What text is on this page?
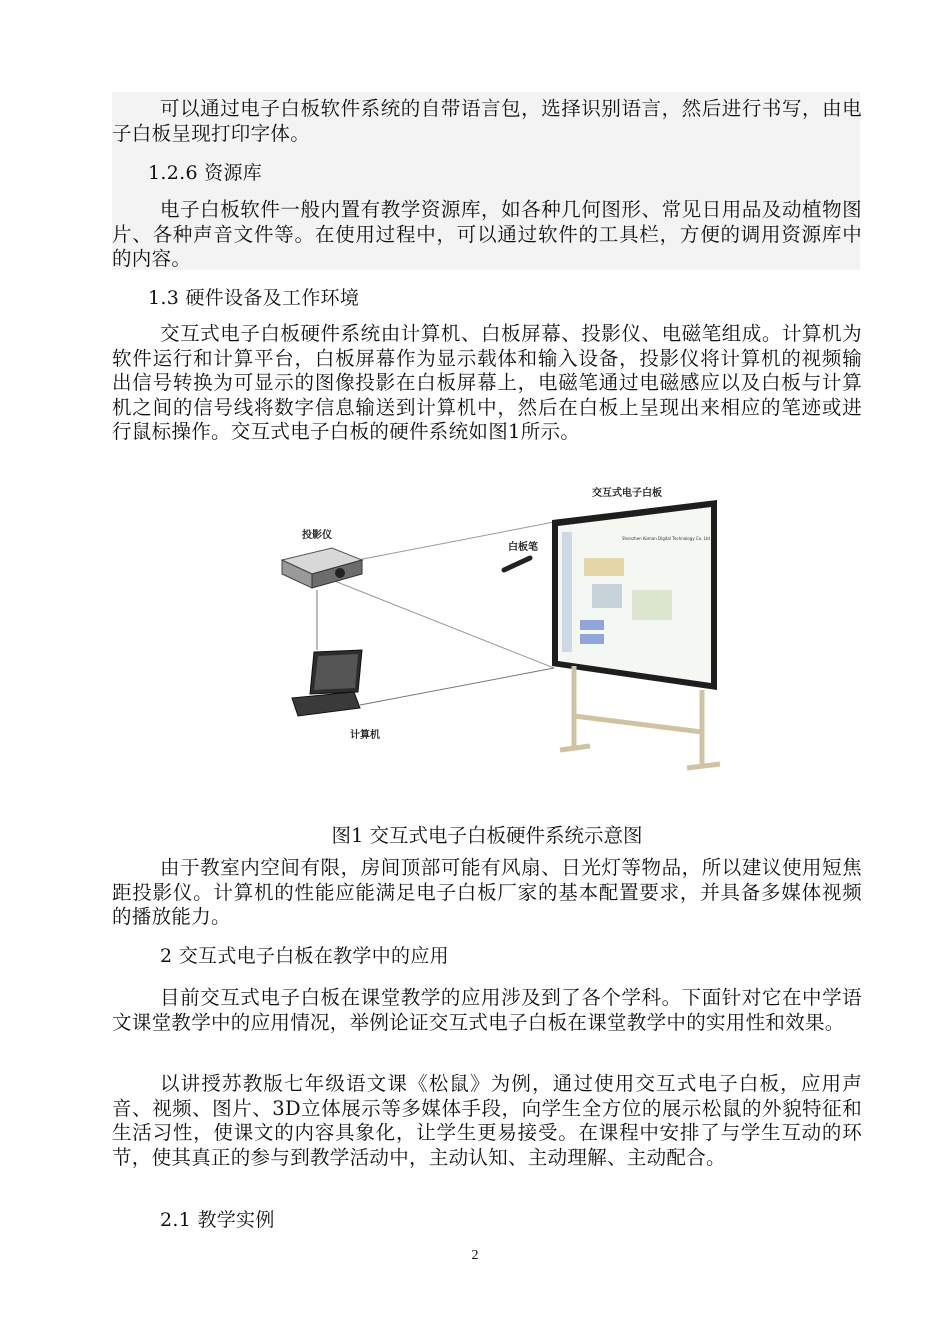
可以通过电子白板软件系统的自带语言包，选择识别语言，然后进行书写，由电子白板呈现打印字体。

1.2.6 资源库

电子白板软件一般内置有教学资源库，如各种几何图形、常见日用品及动植物图片、各种声音文件等。在使用过程中，可以通过软件的工具栏，方便的调用资源库中的内容。

1.3 硬件设备及工作环境

交互式电子白板硬件系统由计算机、白板屏幕、投影仪、电磁笔组成。计算机为软件运行和计算平台，白板屏幕作为显示载体和输入设备，投影仪将计算机的视频输出信号转换为可显示的图像投影在白板屏幕上，电磁笔通过电磁感应以及白板与计算机之间的信号线将数字信息输送到计算机中，然后在白板上呈现出来相应的笔迹或进行鼠标操作。交互式电子白板的硬件系统如图1所示。

投影仪
计算机
白板笔
交互式电子白板
Shenzhen Koman Digital Technology Co. Ltd
图1 交互式电子白板硬件系统示意图

由于教室内空间有限，房间顶部可能有风扇、日光灯等物品，所以建议使用短焦距投影仪。计算机的性能应能满足电子白板厂家的基本配置要求，并具备多媒体视频的播放能力。

2 交互式电子白板在教学中的应用

目前交互式电子白板在课堂教学的应用涉及到了各个学科。下面针对它在中学语文课堂教学中的应用情况，举例论证交互式电子白板在课堂教学中的实用性和效果。

以讲授苏教版七年级语文课《松鼠》为例，通过使用交互式电子白板，应用声音、视频、图片、3D立体展示等多媒体手段，向学生全方位的展示松鼠的外貌特征和生活习性，使课文的内容具象化，让学生更易接受。在课程中安排了与学生互动的环节，使其真正的参与到教学活动中，主动认知、主动理解、主动配合。

2.1 教学实例

2
